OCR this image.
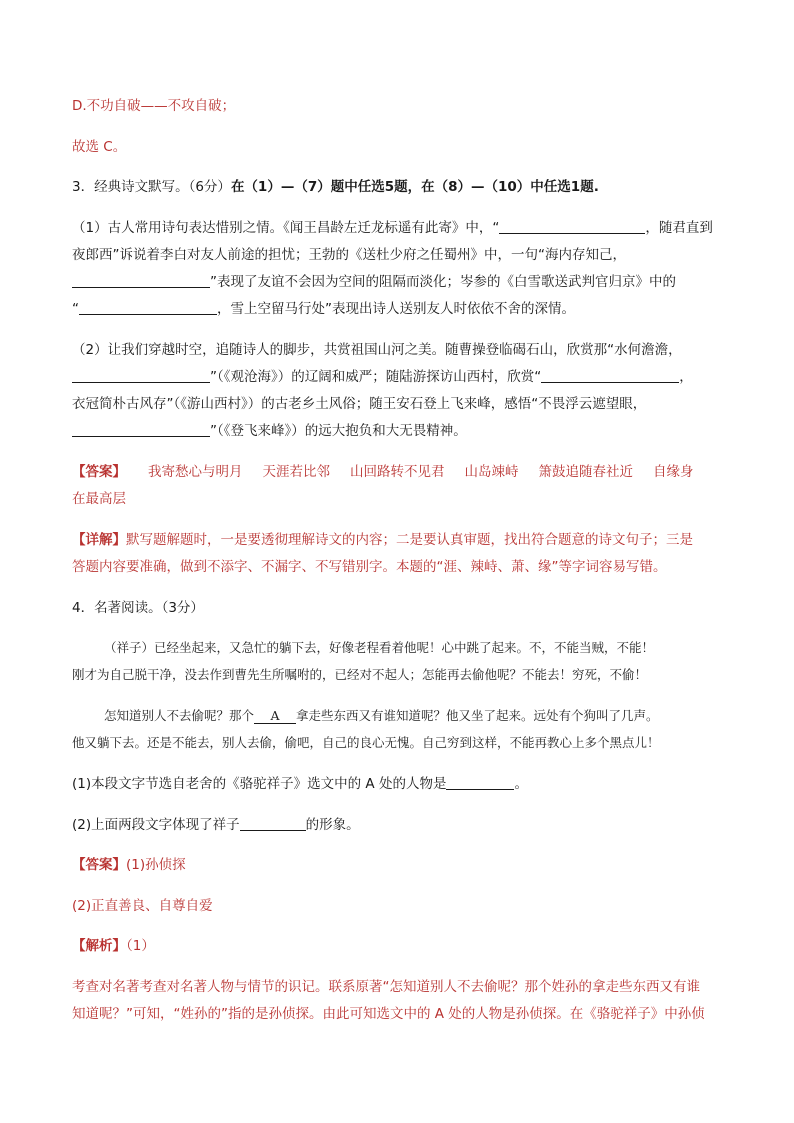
D.不功自破——不攻自破；
故选 C。
3．经典诗文默写。（6分）在（1）—（7）题中任选5题，在（8）—（10）中任选1题.
（1）古人常用诗句表达惜别之情。《闻王昌龄左迁龙标遥有此寄》中，“	，随君直到
夜郎西”诉说着李白对友人前途的担忧；王勃的《送杜少府之任蜀州》中，一句“海内存知己，
”表现了友谊不会因为空间的阻隔而淡化；岑参的《白雪歌送武判官归京》中的
“	，雪上空留马行处”表现出诗人送别友人时依依不舍的深情。
（2）让我们穿越时空，追随诗人的脚步，共赏祖国山河之美。随曹操登临碣石山，欣赏那“水何澹澹，
”（《观沧海》）的辽阔和威严；随陆游探访山西村，欣赏“	，
衣冠简朴古风存”（《游山西村》）的古老乡土风俗；随王安石登上飞来峰，感悟“不畏浮云遮望眼，
”（《登飞来峰》）的远大抱负和大无畏精神。
【答案】 我寄愁心与明月 天涯若比邻 山回路转不见君 山岛竦峙 箫鼓追随春社近 自缘身
在最高层
【详解】默写题解题时，一是要透彻理解诗文的内容；二是要认真审题，找出符合题意的诗文句子；三是
答题内容要准确，做到不添字、不漏字、不写错别字。本题的“涯、辣峙、萧、缘”等字词容易写错。
4．名著阅读。（3分）
（祥子）已经坐起来，又急忙的躺下去，好像老程看着他呢！心中跳了起来。不，不能当贼，不能！
刚才为自己脱干净，没去作到曹先生所嘱咐的，已经对不起人；怎能再去偷他呢？不能去！穷死，不偷！
怎知道别人不去偷呢？那个 A 拿走些东西又有谁知道呢？他又坐了起来。远处有个狗叫了几声。
他又躺下去。还是不能去，别人去偷，偷吧，自己的良心无愧。自己穷到这样，不能再教心上多个黑点儿！
(1)本段文字节选自老舍的《骆驼祥子》选文中的 A 处的人物是	。
(2)上面两段文字体现了祥子	的形象。
【答案】(1)孙侦探
(2)正直善良、自尊自爱
【解析】（1）
考查对名著考查对名著人物与情节的识记。联系原著“怎知道别人不去偷呢？那个姓孙的拿走些东西又有谁
知道呢？”可知，“姓孙的”指的是孙侦探。由此可知选文中的 A 处的人物是孙侦探。在《骆驼祥子》中孙侦
